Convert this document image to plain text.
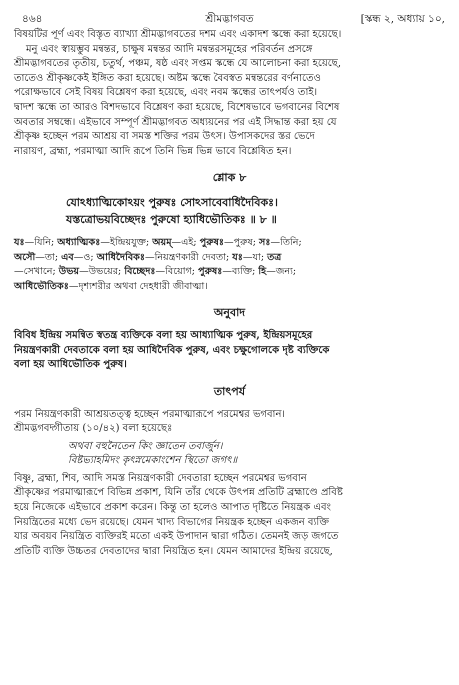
৪৬৪	শ্রীমদ্ভাগবত	[স্কন্ধ ২, অধ্যায় ১০,

বিষয়টির পূর্ণ এবং বিস্তৃত ব্যাখ্যা শ্রীমদ্ভাগবতের দশম এবং একাদশ স্কন্ধে করা হয়েছে।

মনু এবং স্বায়ম্ভুব মন্বন্তর, চাক্ষুষ মন্বন্তর আদি মন্বন্তরসমূহের পরিবর্তন প্রসঙ্গে

শ্রীমদ্ভাগবতের তৃতীয়, চতুর্থ, পঞ্চম, ষষ্ঠ এবং সপ্তম স্কন্ধে যে আলোচনা করা হয়েছে,

তাতেও শ্রীকৃষ্ণকেই ইঙ্গিত করা হয়েছে। অষ্টম স্কন্ধে বৈবস্বত মন্বন্তরের বর্ণনাতেও

পরোক্ষভাবে সেই বিষয় বিশ্লেষণ করা হয়েছে, এবং নবম স্কন্ধের তাৎপর্যও তাই।

দ্বাদশ স্কন্ধে তা আরও বিশদভাবে বিশ্লেষণ করা হয়েছে, বিশেষভাবে ভগবানের বিশেষ

অবতার সম্বন্ধে। এইভাবে সম্পূর্ণ শ্রীমদ্ভাগবত অধ্যয়নের পর এই সিদ্ধান্ত করা হয় যে

শ্রীকৃষ্ণ হচ্ছেন পরম আশ্রয় বা সমস্ত শক্তির পরম উৎস। উপাসকদের স্তর ভেদে

নারায়ণ, ব্রহ্মা, পরমাত্মা আদি রূপে তিনি ভিন্ন ভিন্ন ভাবে বিশ্লেষিত হন।

শ্লোক ৮
যোঽধ্যাত্মিকোঽয়ং পুরুষঃ সোঽসাবেবাধিদৈবিকঃ।
যস্তত্রোভয়বিচ্ছেদঃ পুরুষো হ্যাধিভৌতিকঃ ॥ ৮ ॥

যঃ—যিনি; অধ্যাত্মিকঃ—ইন্দ্রিয়যুক্ত; অয়ম্—এই; পুরুষঃ—পুরুষ; সঃ—তিনি;

অসৌ—তা; এব—ও; আধিদৈবিকঃ—নিয়ন্ত্রণকারী দেবতা; যঃ—যা; তত্র

—সেখানে; উভয়—উভয়ের; বিচ্ছেদঃ—বিয়োগ; পুরুষঃ—ব্যক্তি; হি—জন্য;

আধিভৌতিকঃ—দৃশ্যশরীর অথবা দেহধারী জীবাত্মা।

অনুবাদ

বিবিধ ইন্দ্রিয় সমন্বিত স্বতন্ত্র ব্যক্তিকে বলা হয় আধ্যাত্মিক পুরুষ, ইন্দ্রিয়সমূহের

নিয়ন্ত্রণকারী দেবতাকে বলা হয় আধিদৈবিক পুরুষ, এবং চক্ষুগোলকে দৃষ্ট ব্যক্তিকে

বলা হয় আধিভৌতিক পুরুষ।

তাৎপর্য

পরম নিয়ন্ত্রণকারী আশ্রয়তত্ত্ব হচ্ছেন পরমাত্মারূপে পরমেশ্বর ভগবান।

শ্রীমদ্ভগবদ্গীতায় (১০/৪২) বলা হয়েছেঃ

অথবা বহুনৈতেন কিং জ্ঞাতেন তবার্জুন।

বিষ্টভ্যাহমিদং কৃৎস্নমেকাংশেন স্থিতো জগৎ॥

বিষ্ণু, ব্রহ্মা, শিব, আদি সমস্ত নিয়ন্ত্রণকারী দেবতারা হচ্ছেন পরমেশ্বর ভগবান

শ্রীকৃষ্ণের পরমাত্মারূপে বিভিন্ন প্রকাশ, যিনি তাঁর থেকে উৎপন্ন প্রতিটি ব্রহ্মাণ্ডে প্রবিষ্ট

হয়ে নিজেকে এইভাবে প্রকাশ করেন। কিন্তু তা হলেও আপাত দৃষ্টিতে নিয়ন্ত্রক এবং

নিয়ন্ত্রিতের মধ্যে ভেদ রয়েছে। যেমন খাদ্য বিভাগের নিয়ন্ত্রক হচ্ছেন একজন ব্যক্তি

যার অবয়ব নিয়ন্ত্রিত ব্যক্তিরই মতো একই উপাদান দ্বারা গঠিত। তেমনই জড় জগতে

প্রতিটি ব্যক্তি উচ্চতর দেবতাদের দ্বারা নিয়ন্ত্রিত হন। যেমন আমাদের ইন্দ্রিয় রয়েছে,
